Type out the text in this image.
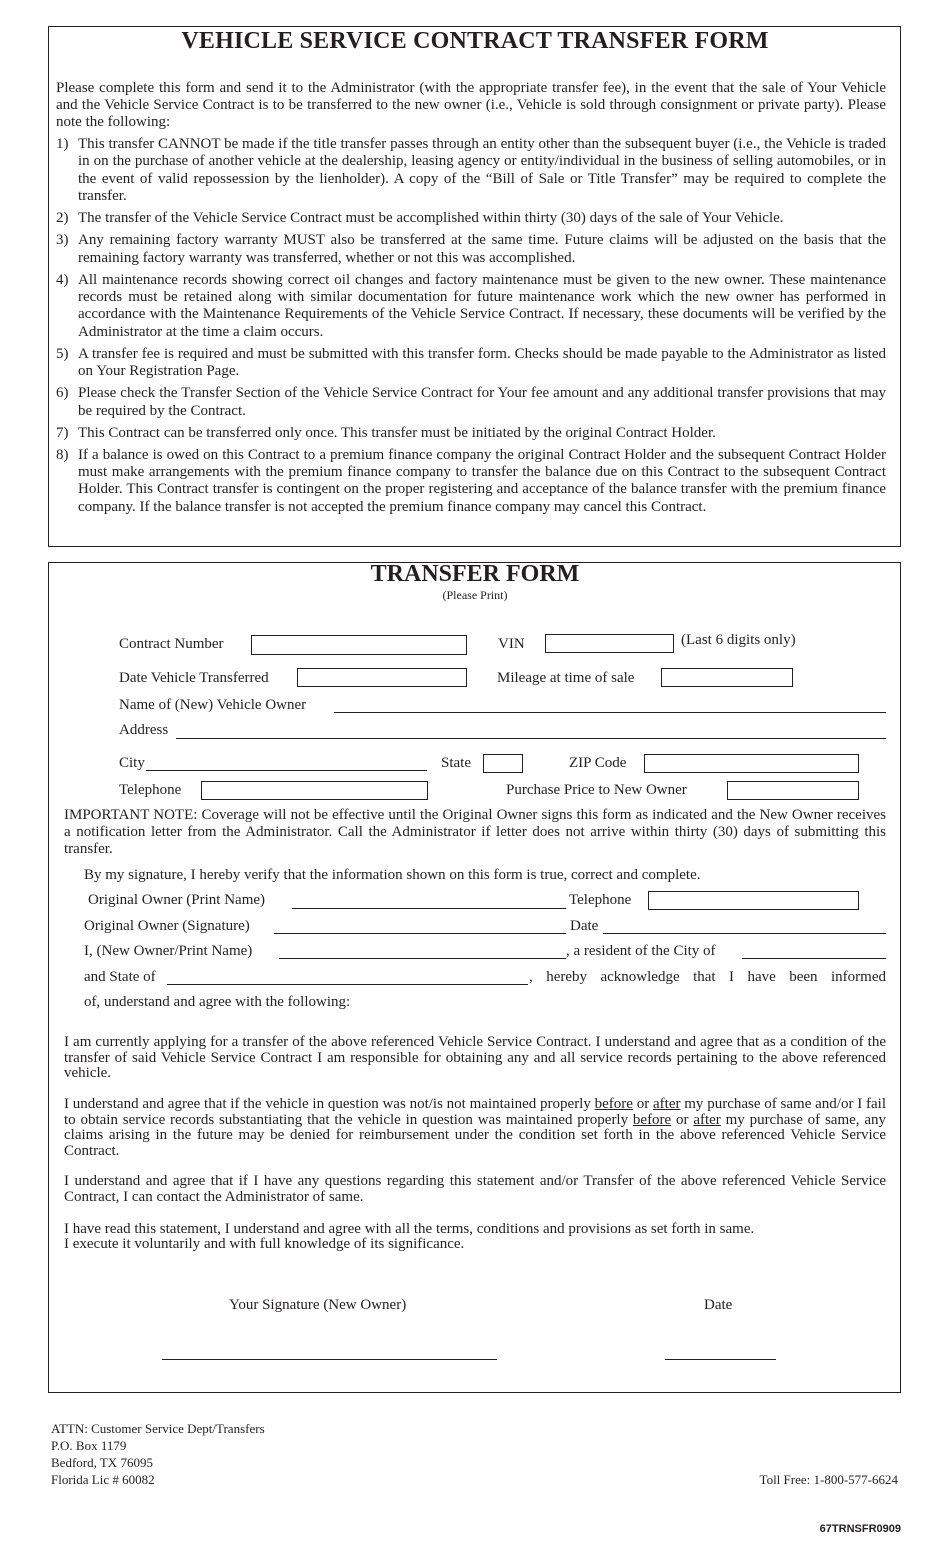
VEHICLE SERVICE CONTRACT TRANSFER FORM
Please complete this form and send it to the Administrator (with the appropriate transfer fee), in the event that the sale of Your Vehicle and the Vehicle Service Contract is to be transferred to the new owner (i.e., Vehicle is sold through consignment or private party). Please note the following:
1) This transfer CANNOT be made if the title transfer passes through an entity other than the subsequent buyer (i.e., the Vehicle is traded in on the purchase of another vehicle at the dealership, leasing agency or entity/individual in the business of selling automobiles, or in the event of valid repossession by the lienholder). A copy of the “Bill of Sale or Title Transfer” may be required to complete the transfer.
2) The transfer of the Vehicle Service Contract must be accomplished within thirty (30) days of the sale of Your Vehicle.
3) Any remaining factory warranty MUST also be transferred at the same time. Future claims will be adjusted on the basis that the remaining factory warranty was transferred, whether or not this was accomplished.
4) All maintenance records showing correct oil changes and factory maintenance must be given to the new owner. These maintenance records must be retained along with similar documentation for future maintenance work which the new owner has performed in accordance with the Maintenance Requirements of the Vehicle Service Contract. If necessary, these documents will be verified by the Administrator at the time a claim occurs.
5) A transfer fee is required and must be submitted with this transfer form. Checks should be made payable to the Administrator as listed on Your Registration Page.
6) Please check the Transfer Section of the Vehicle Service Contract for Your fee amount and any additional transfer provisions that may be required by the Contract.
7) This Contract can be transferred only once. This transfer must be initiated by the original Contract Holder.
8) If a balance is owed on this Contract to a premium finance company the original Contract Holder and the subsequent Contract Holder must make arrangements with the premium finance company to transfer the balance due on this Contract to the subsequent Contract Holder. This Contract transfer is contingent on the proper registering and acceptance of the balance transfer with the premium finance company. If the balance transfer is not accepted the premium finance company may cancel this Contract.
TRANSFER FORM
(Please Print)
Contract Number	VIN	(Last 6 digits only)
Date Vehicle Transferred	Mileage at time of sale
Name of (New) Vehicle Owner
Address
City	State	ZIP Code
Telephone	Purchase Price to New Owner
IMPORTANT NOTE: Coverage will not be effective until the Original Owner signs this form as indicated and the New Owner receives a notification letter from the Administrator. Call the Administrator if letter does not arrive within thirty (30) days of submitting this transfer.
By my signature, I hereby verify that the information shown on this form is true, correct and complete.
Original Owner (Print Name)	Telephone
Original Owner (Signature)	Date
I, (New Owner/Print Name)	, a resident of the City of
and State of	, hereby acknowledge that I have been informed
of, understand and agree with the following:
I am currently applying for a transfer of the above referenced Vehicle Service Contract. I understand and agree that as a condition of the transfer of said Vehicle Service Contract I am responsible for obtaining any and all service records pertaining to the above referenced vehicle.
I understand and agree that if the vehicle in question was not/is not maintained properly before or after my purchase of same and/or I fail to obtain service records substantiating that the vehicle in question was maintained properly before or after my purchase of same, any claims arising in the future may be denied for reimbursement under the condition set forth in the above referenced Vehicle Service Contract.
I understand and agree that if I have any questions regarding this statement and/or Transfer of the above referenced Vehicle Service Contract, I can contact the Administrator of same.
I have read this statement, I understand and agree with all the terms, conditions and provisions as set forth in same.
I execute it voluntarily and with full knowledge of its significance.
Your Signature (New Owner)	Date
ATTN: Customer Service Dept/Transfers
P.O. Box 1179
Bedford, TX 76095
Florida Lic # 60082	Toll Free: 1-800-577-6624
67TRNSFR0909
